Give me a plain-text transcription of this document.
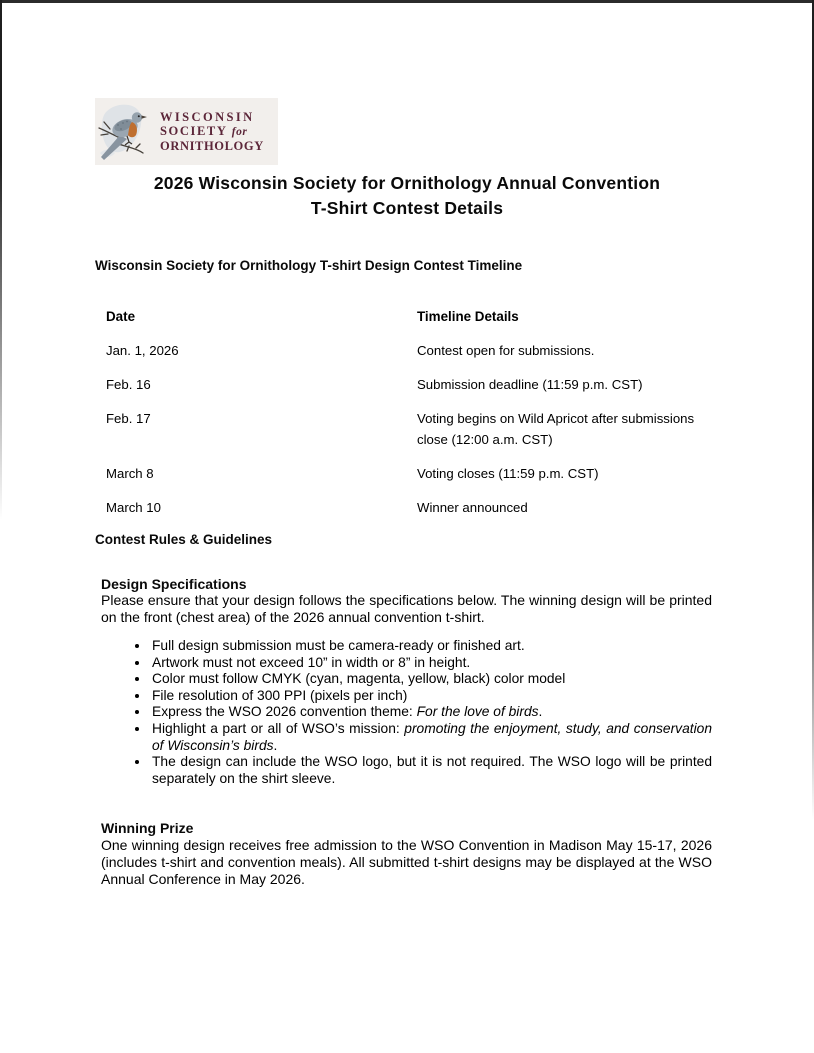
WISCONSIN
SOCIETY for
ORNITHOLOGY
2026 Wisconsin Society for Ornithology Annual Convention
T-Shirt Contest Details
Wisconsin Society for Ornithology T-shirt Design Contest Timeline
Date	Timeline Details
Jan. 1, 2026	Contest open for submissions.
Feb. 16	Submission deadline (11:59 p.m. CST)
Feb. 17	Voting begins on Wild Apricot after submissions close (12:00 a.m. CST)
March 8	Voting closes (11:59 p.m. CST)
March 10	Winner announced
Contest Rules & Guidelines
Design Specifications

Please ensure that your design follows the specifications below. The winning design will be printed on the front (chest area) of the 2026 annual convention t-shirt.

• Full design submission must be camera-ready or finished art.
• Artwork must not exceed 10” in width or 8” in height.
• Color must follow CMYK (cyan, magenta, yellow, black) color model
• File resolution of 300 PPI (pixels per inch)
• Express the WSO 2026 convention theme: For the love of birds.
• Highlight a part or all of WSO’s mission: promoting the enjoyment, study, and conservation of Wisconsin’s birds.
• The design can include the WSO logo, but it is not required. The WSO logo will be printed separately on the shirt sleeve.
Winning Prize

One winning design receives free admission to the WSO Convention in Madison May 15-17, 2026 (includes t-shirt and convention meals). All submitted t-shirt designs may be displayed at the WSO Annual Conference in May 2026.
